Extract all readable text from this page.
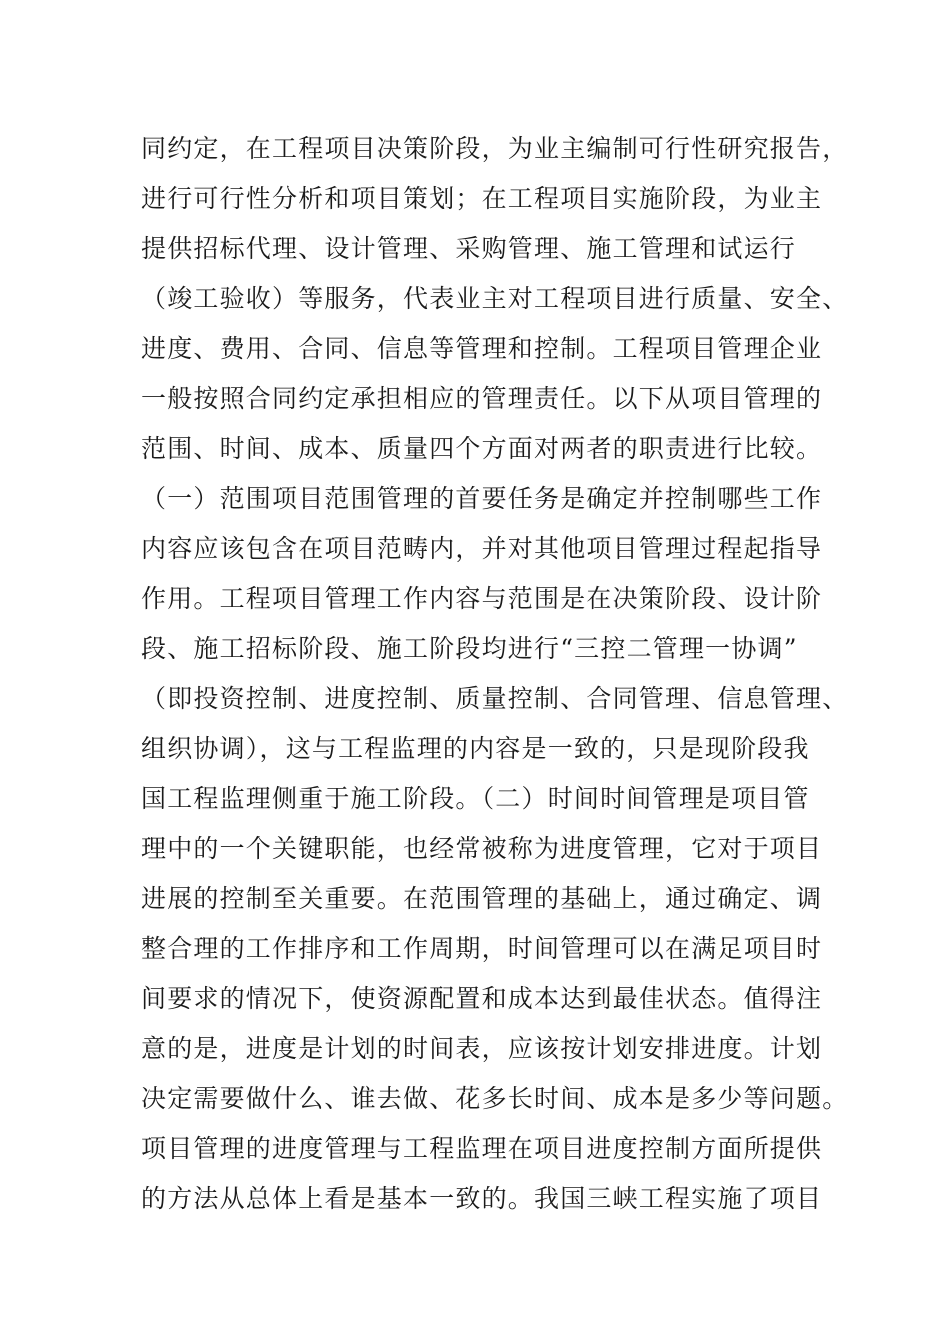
同约定，在工程项目决策阶段，为业主编制可行性研究报告，
进行可行性分析和项目策划；在工程项目实施阶段，为业主
提供招标代理、设计管理、采购管理、施工管理和试运行
（竣工验收）等服务，代表业主对工程项目进行质量、安全、
进度、费用、合同、信息等管理和控制。工程项目管理企业
一般按照合同约定承担相应的管理责任。以下从项目管理的
范围、时间、成本、质量四个方面对两者的职责进行比较。
（一）范围项目范围管理的首要任务是确定并控制哪些工作
内容应该包含在项目范畴内，并对其他项目管理过程起指导
作用。工程项目管理工作内容与范围是在决策阶段、设计阶
段、施工招标阶段、施工阶段均进行“三控二管理一协调”
（即投资控制、进度控制、质量控制、合同管理、信息管理、
组织协调），这与工程监理的内容是一致的，只是现阶段我
国工程监理侧重于施工阶段。（二）时间时间管理是项目管
理中的一个关键职能，也经常被称为进度管理，它对于项目
进展的控制至关重要。在范围管理的基础上，通过确定、调
整合理的工作排序和工作周期，时间管理可以在满足项目时
间要求的情况下，使资源配置和成本达到最佳状态。值得注
意的是，进度是计划的时间表，应该按计划安排进度。计划
决定需要做什么、谁去做、花多长时间、成本是多少等问题。
项目管理的进度管理与工程监理在项目进度控制方面所提供
的方法从总体上看是基本一致的。我国三峡工程实施了项目
